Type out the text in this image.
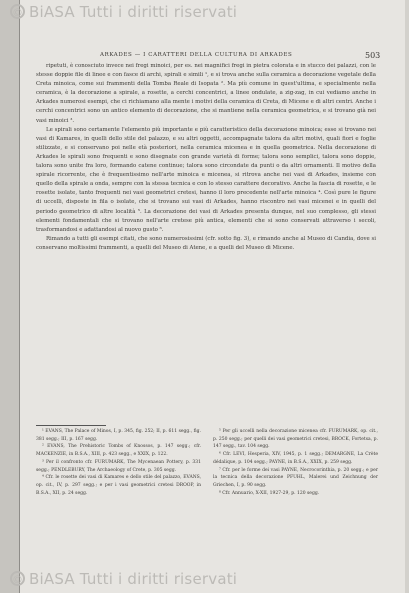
© BiASA Tutti i diritti riservati
ARKADES — I CARATTERI DELLA CULTURA DI ARKADES	503

ripetuti, è conosciuto invece nei fregi minoici, per es. nei magnifici fregi in pietra colorata e in stucco dei palazzi, con le stesse doppie file di linee e con fasce di archi, spirali e simili ¹, e si trova anche sulla ceramica a decorazione vegetale della Creta minoica, come sui frammenti della Tomba Reale di Isopata ². Ma più comune in quest'ultima, e specialmente nella ceramica, è la decorazione a spirale, a rosette, a cerchi concentrici, a linee ondulate, a zig-zag, in cui vediamo anche in Arkades numerosi esempi, che ci richiamano alla mente i motivi della ceramica di Creta, di Micene e di altri centri. Anche i cerchi concentrici sono un antico elemento di decorazione, che si mantiene nella ceramica geometrica, e si trovano già nei vasi minoici ³.

Le spirali sono certamente l'elemento più importante e più caratteristico della decorazione minoica; esse si trovano nei vasi di Kamares, in quelli dello stile del palazzo, e su altri oggetti, accompagnate talora da altri motivi, quali fiori e foglie stilizzate, e si conservano poi nelle età posteriori, nella ceramica micenea e in quella geometrica. Nella decorazione di Arkades le spirali sono frequenti e sono disegnate con grande varietà di forme; talora sono semplici, talora sono doppie, talora sono unite fra loro, formando catene continue; talora sono circondate da punti o da altri ornamenti. Il motivo della spirale ricorrente, che è frequentissimo nell'arte minoica e micenea, si ritrova anche nei vasi di Arkades, insieme con quello della spirale a onda, sempre con la stessa tecnica e con lo stesso carattere decorativo. Anche la fascia di rosette, e le rosette isolate, tanto frequenti nei vasi geometrici cretesi, hanno il loro precedente nell'arte minoica ⁴. Così pure le figure di uccelli, disposte in fila o isolate, che si trovano sui vasi di Arkades, hanno riscontro nei vasi micenei e in quelli del periodo geometrico di altre località ⁵. La decorazione dei vasi di Arkades presenta dunque, nel suo complesso, gli stessi elementi fondamentali che si trovano nell'arte cretese più antica, elementi che si sono conservati attraverso i secoli, trasformandosi e adattandosi al nuovo gusto ⁶.

Rimando a tutti gli esempi citati, che sono numerosissimi (cfr. sotto fig. 3), e rimando anche al Museo di Candia, dove si conservano moltissimi frammenti, a quelli del Museo di Atene, e a quelli del Museo di Micene.

¹ EVANS, The Palace of Minos, I, p. 345, fig. 252; II, p. 611 segg., fig. 381 segg.; III, p. 167 segg.

² EVANS, The Prehistoric Tombs of Knossos, p. 147 segg.; cfr. MACKENZIE, in B.S.A., XIII, p. 423 segg., e XXIX, p. 122.

³ Per il confronto cfr. FURUMARK, The Mycenaean Pottery, p. 331 segg.; PENDLEBURY, The Archaeology of Crete, p. 305 segg.

⁴ Cfr. le rosette dei vasi di Kamares e dello stile del palazzo, EVANS, op. cit., IV, p. 297 segg.; e per i vasi geometrici cretesi DROOP, in B.S.A., XII, p. 24 segg.

⁵ Per gli uccelli nella decorazione micenea cfr. FURUMARK, op. cit., p. 250 segg.; per quelli dei vasi geometrici cretesi, BROCK, Fortetsa, p. 147 segg., tav. 104 segg.

⁶ Cfr. LEVI, Hesperia, XIV, 1945, p. 1 segg.; DEMARGNE, La Crète dédalique, p. 104 segg.; PAYNE, in B.S.A., XXIX, p. 259 segg.

⁷ Cfr. per le forme dei vasi PAYNE, Necrocorinthia, p. 20 segg.; e per la tecnica della decorazione PFUHL, Malerei und Zeichnung der Griechen, I, p. 90 segg.

⁸ Cfr. Annuario, X-XII, 1927-29, p. 120 segg.

© BiASA Tutti i diritti riservati
